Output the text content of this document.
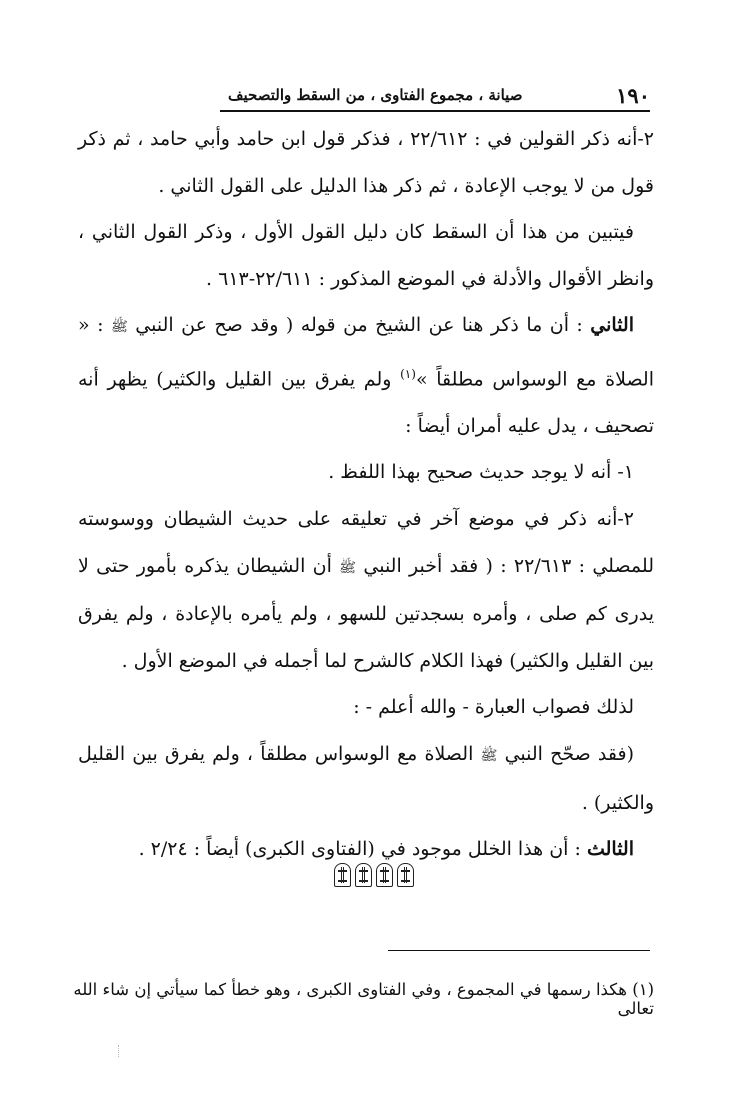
١٩٠
صيانة ، مجموع الفتاوى ، من السقط والتصحيف

٢-أنه ذكر القولين في : ٢٢/٦١٢ ، فذكر قول ابن حامد وأبي حامد ، ثم ذكر قول من لا يوجب الإعادة ، ثم ذكر هذا الدليل على القول الثاني .

فيتبين من هذا أن السقط كان دليل القول الأول ، وذكر القول الثاني ، وانظر الأقوال والأدلة في الموضع المذكور : ٢٢/٦١١-٦١٣ .

الثاني : أن ما ذكر هنا عن الشيخ من قوله ( وقد صح عن النبي ﷺ : « الصلاة مع الوسواس مطلقاً »$^{(١)}$ ولم يفرق بين القليل والكثير) يظهر أنه تصحيف ، يدل عليه أمران أيضاً :

١- أنه لا يوجد حديث صحيح بهذا اللفظ .

٢-أنه ذكر في موضع آخر في تعليقه على حديث الشيطان ووسوسته للمصلي : ٢٢/٦١٣ : ( فقد أخبر النبي ﷺ أن الشيطان يذكره بأمور حتى لا يدرى كم صلى ، وأمره بسجدتين للسهو ، ولم يأمره بالإعادة ، ولم يفرق بين القليل والكثير) فهذا الكلام كالشرح لما أجمله في الموضع الأول .

لذلك فصواب العبارة - والله أعلم - :

(فقد صحّح النبي ﷺ الصلاة مع الوسواس مطلقاً ، ولم يفرق بين القليل والكثير) .

الثالث : أن هذا الخلل موجود في (الفتاوى الكبرى) أيضاً : ٢/٢٤ .

(١) هكذا رسمها في المجموع ، وفي الفتاوى الكبرى ، وهو خطأ كما سيأتي إن شاء الله تعالى
